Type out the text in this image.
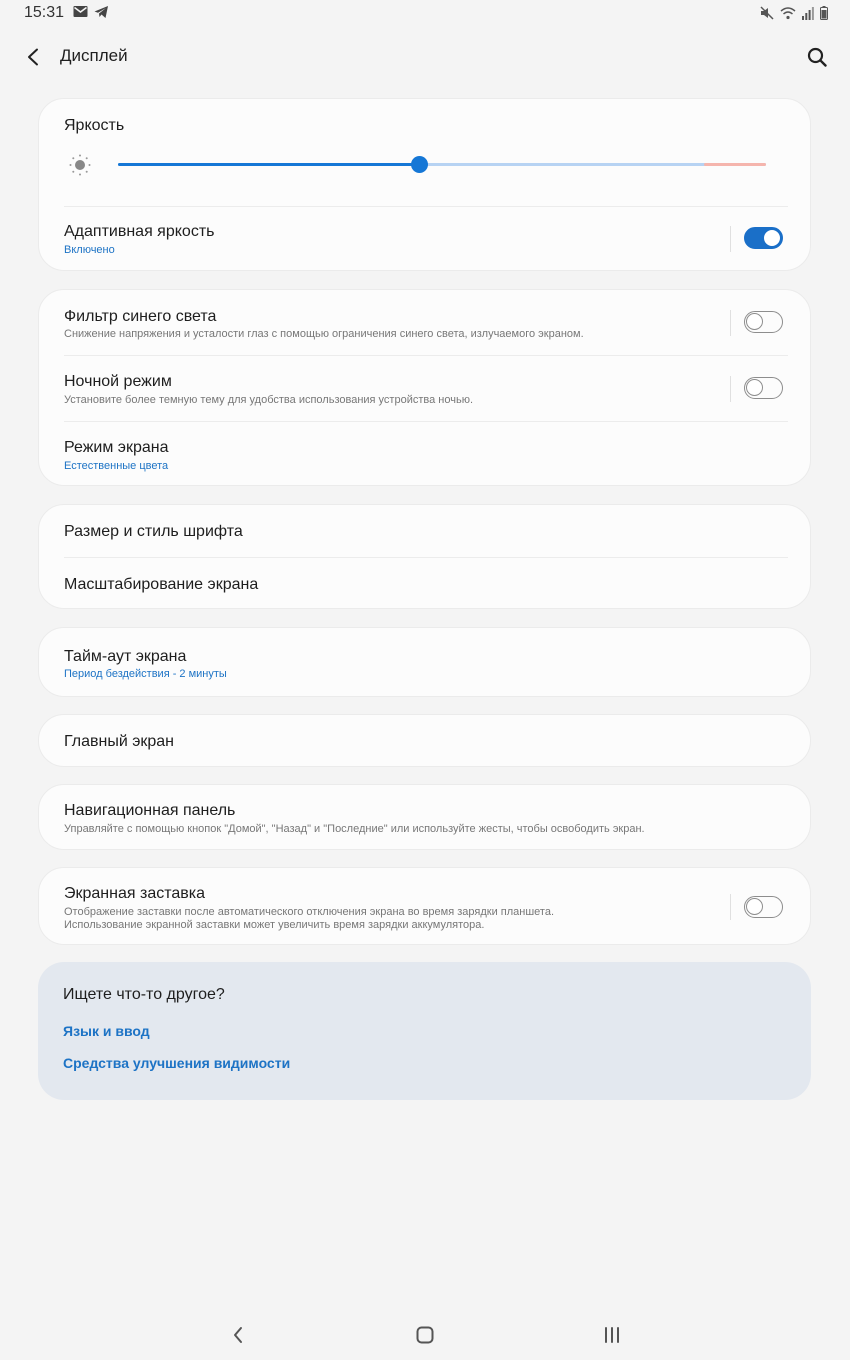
15:31
Дисплей
Яркость
Адаптивная яркость
Включено
Фильтр синего света
Снижение напряжения и усталости глаз с помощью ограничения синего света, излучаемого экраном.
Ночной режим
Установите более темную тему для удобства использования устройства ночью.
Режим экрана
Естественные цвета
Размер и стиль шрифта
Масштабирование экрана
Тайм-аут экрана
Период бездействия - 2 минуты
Главный экран
Навигационная панель
Управляйте с помощью кнопок "Домой", "Назад" и "Последние" или используйте жесты, чтобы освободить экран.
Экранная заставка
Отображение заставки после автоматического отключения экрана во время зарядки планшета.
Использование экранной заставки может увеличить время зарядки аккумулятора.
Ищете что-то другое?
Язык и ввод
Средства улучшения видимости
